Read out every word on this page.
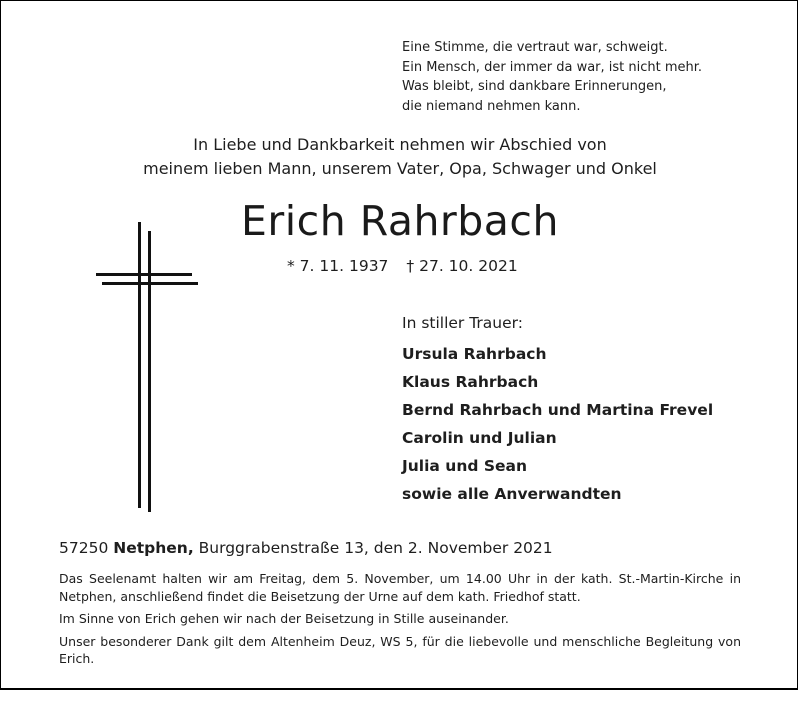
Eine Stimme, die vertraut war, schweigt.
Ein Mensch, der immer da war, ist nicht mehr.
Was bleibt, sind dankbare Erinnerungen,
die niemand nehmen kann.
In Liebe und Dankbarkeit nehmen wir Abschied von
meinem lieben Mann, unserem Vater, Opa, Schwager und Onkel
Erich Rahrbach
* 7. 11. 1937 † 27. 10. 2021
In stiller Trauer:
Ursula Rahrbach
Klaus Rahrbach
Bernd Rahrbach und Martina Frevel
Carolin und Julian
Julia und Sean
sowie alle Anverwandten
57250 Netphen, Burggrabenstraße 13, den 2. November 2021

Das Seelenamt halten wir am Freitag, dem 5. November, um 14.00 Uhr in der kath. St.-Martin-Kirche in Netphen, anschließend findet die Beisetzung der Urne auf dem kath. Friedhof statt.

Im Sinne von Erich gehen wir nach der Beisetzung in Stille auseinander.

Unser besonderer Dank gilt dem Altenheim Deuz, WS 5, für die liebevolle und menschliche Begleitung von Erich.
